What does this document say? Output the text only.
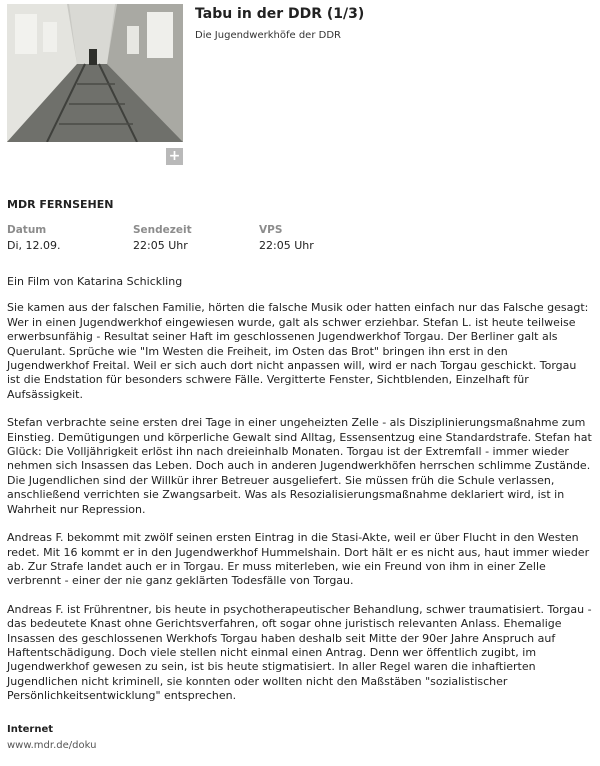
+
Tabu in der DDR (1/3)

Die Jugendwerkhöfe der DDR

MDR FERNSEHEN
Datum
Di, 12.09.
Sendezeit
22:05 Uhr
VPS
22:05 Uhr

Ein Film von Katarina Schickling

Sie kamen aus der falschen Familie, hörten die falsche Musik oder hatten einfach nur das Falsche gesagt: Wer in einen Jugendwerkhof eingewiesen wurde, galt als schwer erziehbar. Stefan L. ist heute teilweise erwerbsunfähig - Resultat seiner Haft im geschlossenen Jugendwerkhof Torgau. Der Berliner galt als Querulant. Sprüche wie "Im Westen die Freiheit, im Osten das Brot" bringen ihn erst in den Jugendwerkhof Freital. Weil er sich auch dort nicht anpassen will, wird er nach Torgau geschickt. Torgau ist die Endstation für besonders schwere Fälle. Vergitterte Fenster, Sichtblenden, Einzelhaft für Aufsässigkeit.

Stefan verbrachte seine ersten drei Tage in einer ungeheizten Zelle - als Disziplinierungsmaßnahme zum Einstieg. Demütigungen und körperliche Gewalt sind Alltag, Essensentzug eine Standardstrafe. Stefan hat Glück: Die Volljährigkeit erlöst ihn nach dreieinhalb Monaten. Torgau ist der Extremfall - immer wieder nehmen sich Insassen das Leben. Doch auch in anderen Jugendwerkhöfen herrschen schlimme Zustände. Die Jugendlichen sind der Willkür ihrer Betreuer ausgeliefert. Sie müssen früh die Schule verlassen, anschließend verrichten sie Zwangsarbeit. Was als Resozialisierungsmaßnahme deklariert wird, ist in Wahrheit nur Repression.

Andreas F. bekommt mit zwölf seinen ersten Eintrag in die Stasi-Akte, weil er über Flucht in den Westen redet. Mit 16 kommt er in den Jugendwerkhof Hummelshain. Dort hält er es nicht aus, haut immer wieder ab. Zur Strafe landet auch er in Torgau. Er muss miterleben, wie ein Freund von ihm in einer Zelle verbrennt - einer der nie ganz geklärten Todesfälle von Torgau.

Andreas F. ist Frührentner, bis heute in psychotherapeutischer Behandlung, schwer traumatisiert. Torgau - das bedeutete Knast ohne Gerichtsverfahren, oft sogar ohne juristisch relevanten Anlass. Ehemalige Insassen des geschlossenen Werkhofs Torgau haben deshalb seit Mitte der 90er Jahre Anspruch auf Haftentschädigung. Doch viele stellen nicht einmal einen Antrag. Denn wer öffentlich zugibt, im Jugendwerkhof gewesen zu sein, ist bis heute stigmatisiert. In aller Regel waren die inhaftierten Jugendlichen nicht kriminell, sie konnten oder wollten nicht den Maßstäben "sozialistischer Persönlichkeitsentwicklung" entsprechen.

Internet
www.mdr.de/doku
